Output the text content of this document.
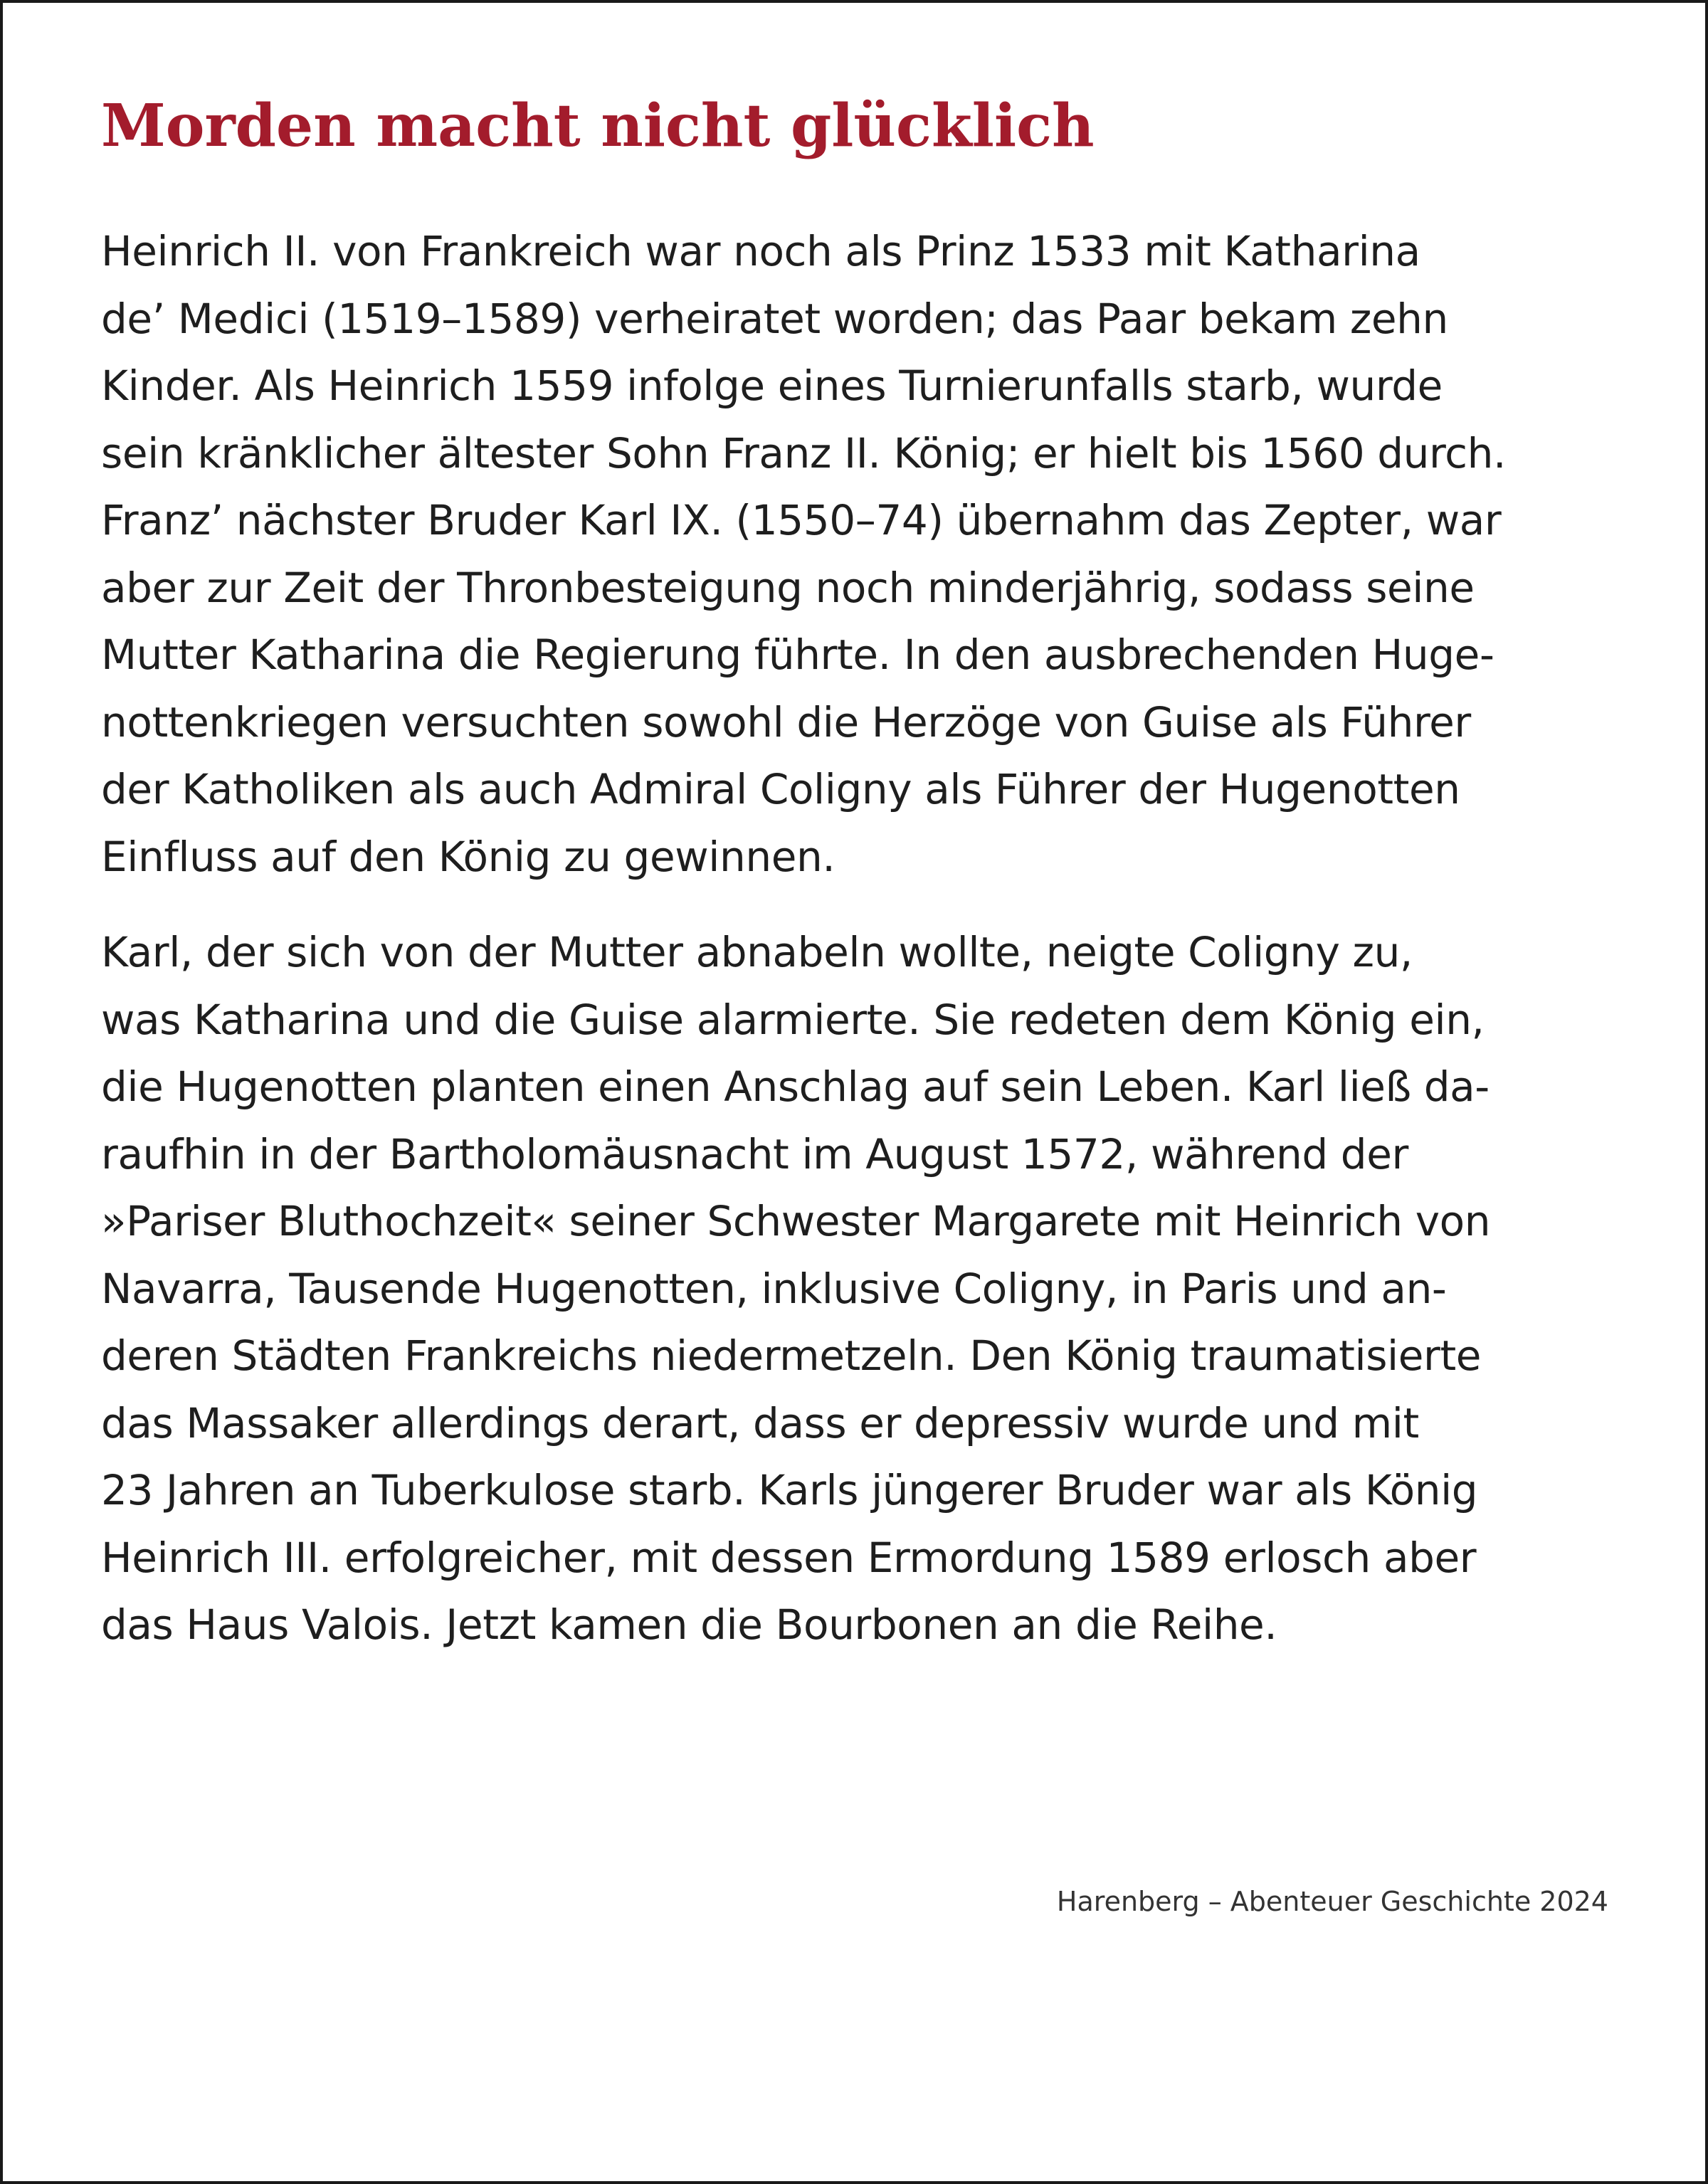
Morden macht nicht glücklich
Heinrich II. von Frankreich war noch als Prinz 1533 mit Katharina
de’ Medici (1519–1589) verheiratet worden; das Paar bekam zehn
Kinder. Als Heinrich 1559 infolge eines Turnierunfalls starb, wurde
sein kränklicher ältester Sohn Franz II. König; er hielt bis 1560 durch.
Franz’ nächster Bruder Karl IX. (1550–74) übernahm das Zepter, war
aber zur Zeit der Thronbesteigung noch minderjährig, sodass seine
Mutter Katharina die Regierung führte. In den ausbrechenden Huge-
nottenkriegen versuchten sowohl die Herzöge von Guise als Führer
der Katholiken als auch Admiral Coligny als Führer der Hugenotten
Einfluss auf den König zu gewinnen.
Karl, der sich von der Mutter abnabeln wollte, neigte Coligny zu,
was Katharina und die Guise alarmierte. Sie redeten dem König ein,
die Hugenotten planten einen Anschlag auf sein Leben. Karl ließ da-
raufhin in der Bartholomäusnacht im August 1572, während der
»Pariser Bluthochzeit« seiner Schwester Margarete mit Heinrich von
Navarra, Tausende Hugenotten, inklusive Coligny, in Paris und an-
deren Städten Frankreichs niedermetzeln. Den König traumatisierte
das Massaker allerdings derart, dass er depressiv wurde und mit
23 Jahren an Tuberkulose starb. Karls jüngerer Bruder war als König
Heinrich III. erfolgreicher, mit dessen Ermordung 1589 erlosch aber
das Haus Valois. Jetzt kamen die Bourbonen an die Reihe.
Harenberg – Abenteuer Geschichte 2024
